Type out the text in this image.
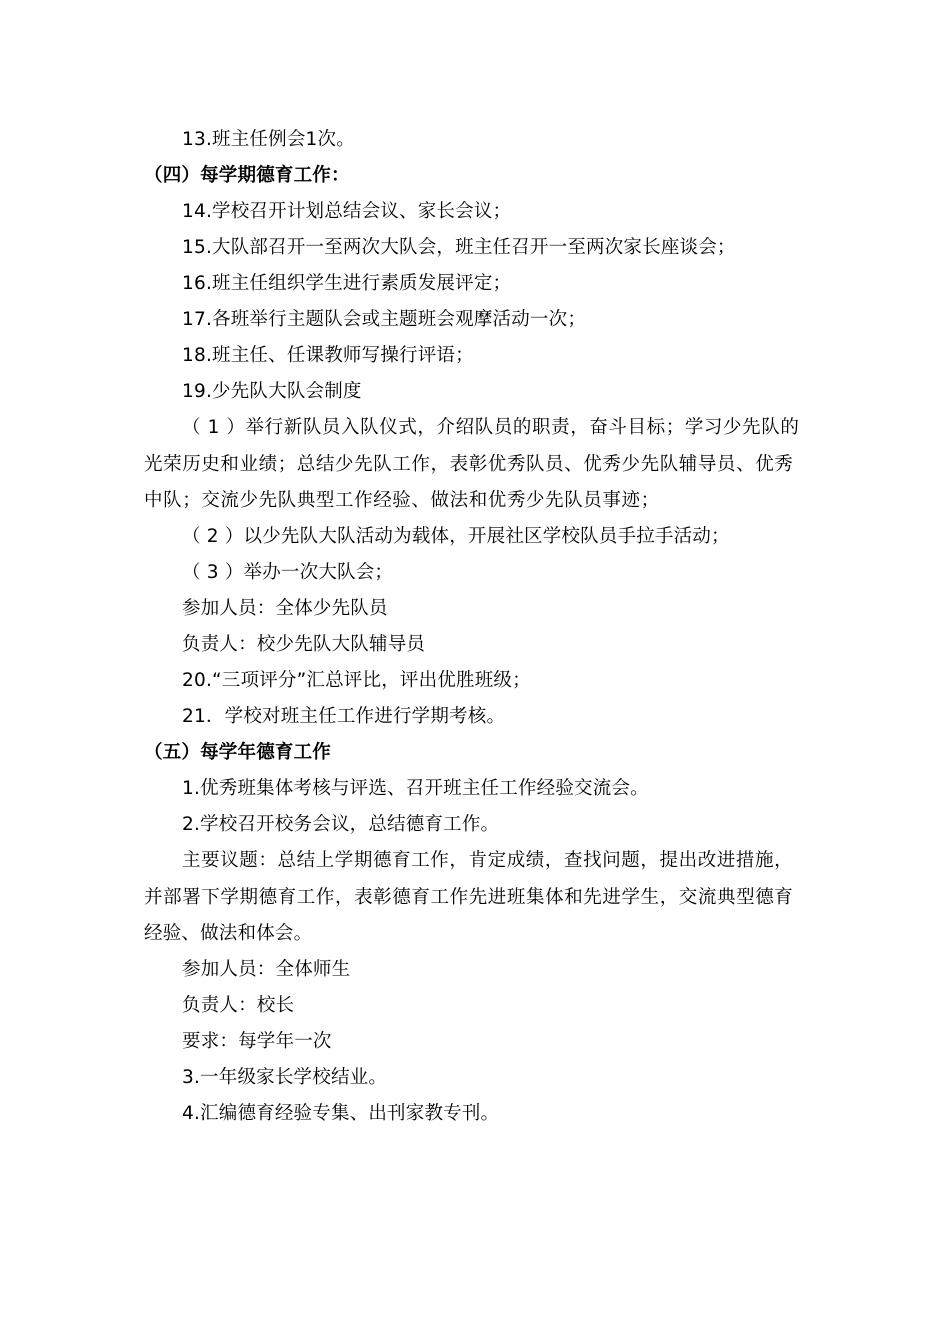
13.班主任例会1次。
（四）每学期德育工作：
14.学校召开计划总结会议、家长会议；
15.大队部召开一至两次大队会，班主任召开一至两次家长座谈会；
16.班主任组织学生进行素质发展评定；
17.各班举行主题队会或主题班会观摩活动一次；
18.班主任、任课教师写操行评语；
19.少先队大队会制度
（ 1 ）举行新队员入队仪式，介绍队员的职责，奋斗目标；学习少先队的
光荣历史和业绩；总结少先队工作，表彰优秀队员、优秀少先队辅导员、优秀
中队；交流少先队典型工作经验、做法和优秀少先队员事迹；
（ 2 ）以少先队大队活动为载体，开展社区学校队员手拉手活动；
（ 3 ）举办一次大队会；
参加人员：全体少先队员
负责人：校少先队大队辅导员
20.“三项评分”汇总评比，评出优胜班级；
21．学校对班主任工作进行学期考核。
（五）每学年德育工作
1.优秀班集体考核与评选、召开班主任工作经验交流会。
2.学校召开校务会议，总结德育工作。
主要议题：总结上学期德育工作，肯定成绩，查找问题，提出改进措施，
并部署下学期德育工作，表彰德育工作先进班集体和先进学生，交流典型德育
经验、做法和体会。
参加人员：全体师生
负责人：校长
要求：每学年一次
3.一年级家长学校结业。
4.汇编德育经验专集、出刊家教专刊。
